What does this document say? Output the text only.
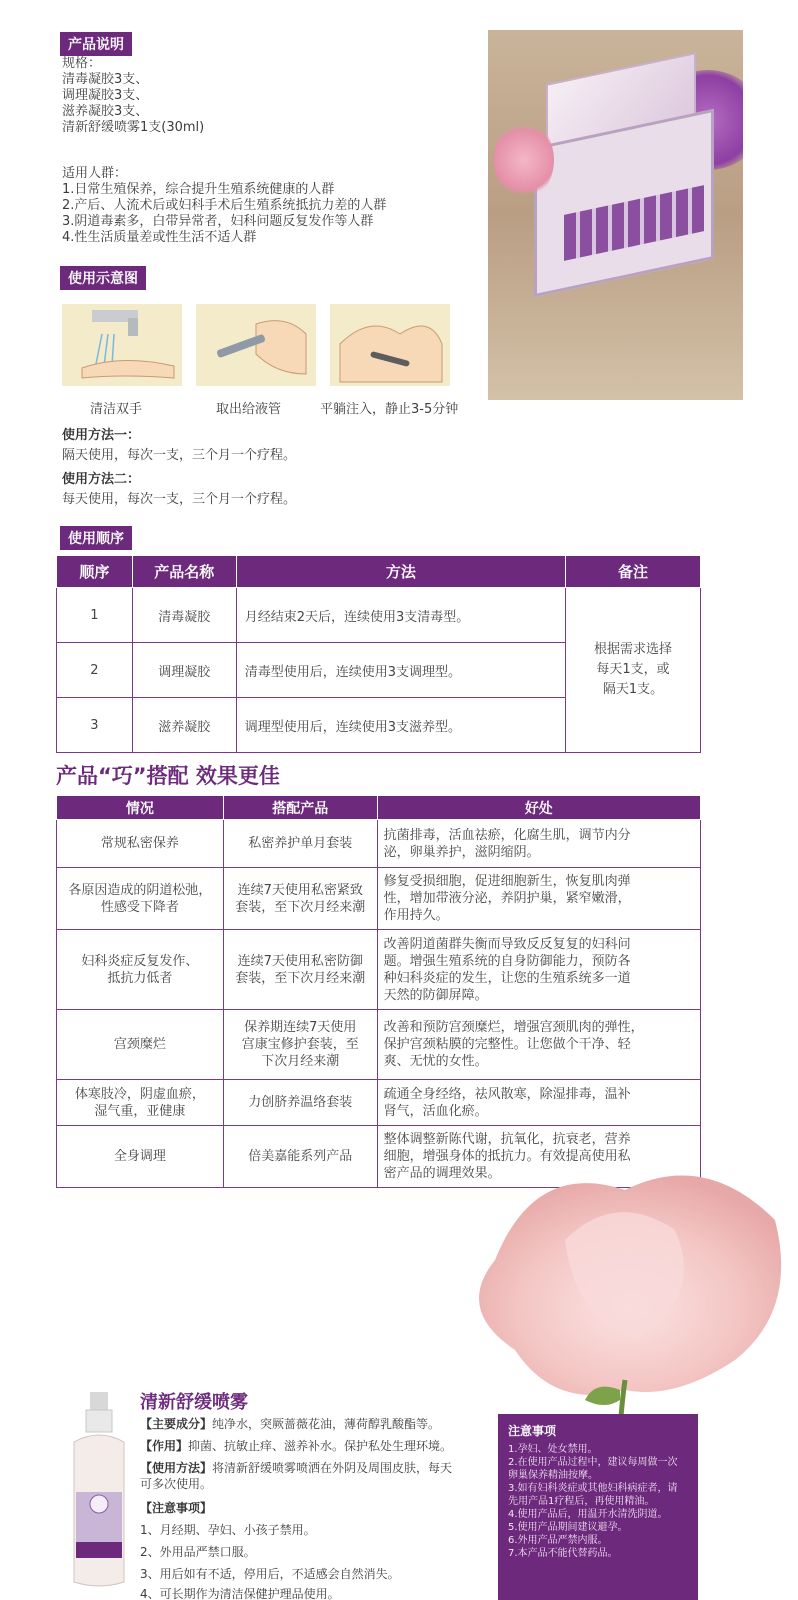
产品说明
规格：
清毒凝胶3支、
调理凝胶3支、
滋养凝胶3支、
清新舒缓喷雾1支(30ml)
适用人群：
1.日常生殖保养，综合提升生殖系统健康的人群
2.产后、人流术后或妇科手术后生殖系统抵抗力差的人群
3.阴道毒素多，白带异常者，妇科问题反复发作等人群
4.性生活质量差或性生活不适人群
使用示意图
清洁双手	取出给液管	平躺注入，静止3-5分钟
使用方法一：
隔天使用，每次一支，三个月一个疗程。
使用方法二：
每天使用，每次一支，三个月一个疗程。
使用顺序
顺序	产品名称	方法	备注
1	清毒凝胶	月经结束2天后，连续使用3支清毒型。	根据需求选择
每天1支，或
隔天1支。
2	调理凝胶	清毒型使用后，连续使用3支调理型。	
3	滋养凝胶	调理型使用后，连续使用3支滋养型。	
产品“巧”搭配 效果更佳
情况	搭配产品	好处
常规私密保养	私密养护单月套装	抗菌排毒，活血祛瘀，化腐生肌，调节内分
泌，卵巢养护，滋阴缩阴。
各原因造成的阴道松弛，
性感受下降者	连续7天使用私密紧致
套装，至下次月经来潮	修复受损细胞，促进细胞新生，恢复肌肉弹
性，增加带液分泌，养阴护巢，紧窄嫩滑，
作用持久。
妇科炎症反复发作、
抵抗力低者	连续7天使用私密防御
套装，至下次月经来潮	改善阴道菌群失衡而导致反反复复的妇科问
题。增强生殖系统的自身防御能力，预防各
种妇科炎症的发生，让您的生殖系统多一道
天然的防御屏障。
宫颈糜烂	保养期连续7天使用
宫康宝修护套装，至
下次月经来潮	改善和预防宫颈糜烂，增强宫颈肌肉的弹性，
保护宫颈粘膜的完整性。让您做个干净、轻
爽、无忧的女性。
体寒肢冷，阴虚血瘀，
湿气重，亚健康	力创脐养温络套装	疏通全身经络，祛风散寒，除湿排毒，温补
肾气，活血化瘀。
全身调理	倍美嘉能系列产品	整体调整新陈代谢，抗氧化，抗衰老，营养
细胞，增强身体的抵抗力。有效提高使用私
密产品的调理效果。
清新舒缓喷雾
【主要成分】纯净水，突厥蔷薇花油，薄荷醇乳酸酯等。
【作用】抑菌、抗敏止痒、滋养补水。保护私处生理环境。
【使用方法】将清新舒缓喷雾喷洒在外阴及周围皮肤，每天
可多次使用。
【注意事项】
1、月经期、孕妇、小孩子禁用。
2、外用品严禁口服。
3、用后如有不适，停用后，不适感会自然消失。
4、可长期作为清洁保健护理品使用。
注意事项
1.孕妇、处女禁用。
2.在使用产品过程中，建议每周做一次
卵巢保养精油按摩。
3.如有妇科炎症或其他妇科病症者，请
先用产品1疗程后，再使用精油。
4.使用产品后，用温开水清洗阴道。
5.使用产品期间建议避孕。
6.外用产品严禁内服。
7.本产品不能代替药品。
